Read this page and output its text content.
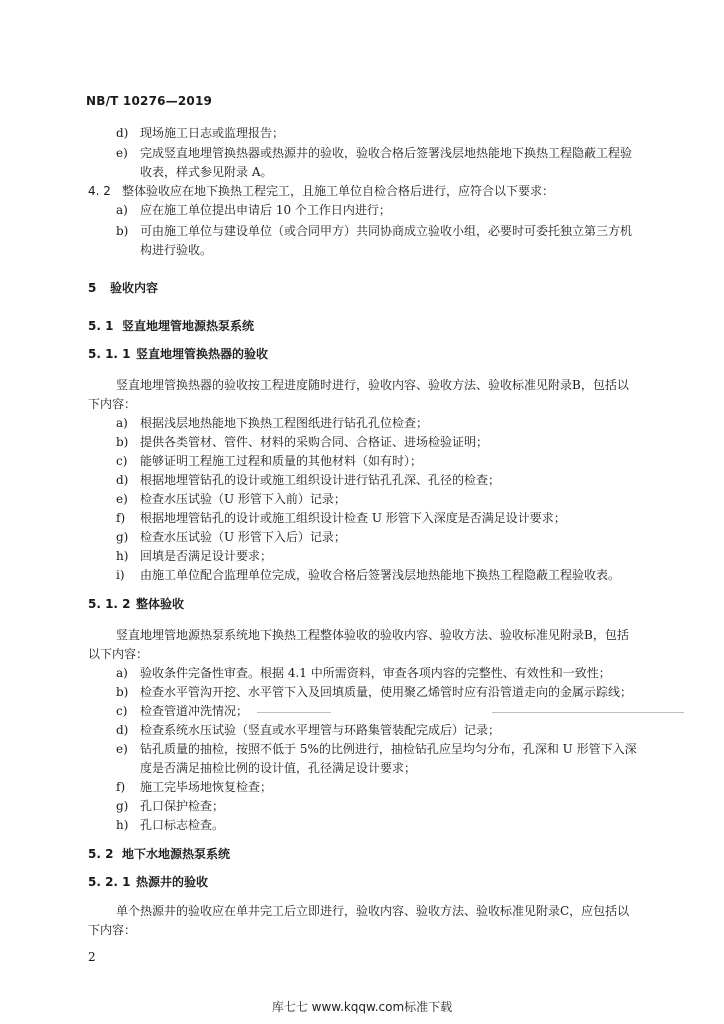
NB/T 10276—2019
d) 现场施工日志或监理报告；
e) 完成竖直地埋管换热器或热源井的验收，验收合格后签署浅层地热能地下换热工程隐蔽工程验
收表，样式参见附录 A。
4. 2 整体验收应在地下换热工程完工，且施工单位自检合格后进行，应符合以下要求：
a) 应在施工单位提出申请后 10 个工作日内进行；
b) 可由施工单位与建设单位（或合同甲方）共同协商成立验收小组，必要时可委托独立第三方机
构进行验收。
5 验收内容
5. 1 竖直地埋管地源热泵系统
5. 1. 1 竖直地埋管换热器的验收
竖直地埋管换热器的验收按工程进度随时进行，验收内容、验收方法、验收标准见附录B，包括以
下内容：
a) 根据浅层地热能地下换热工程图纸进行钻孔孔位检查；
b) 提供各类管材、管件、材料的采购合同、合格证、进场检验证明；
c) 能够证明工程施工过程和质量的其他材料（如有时）；
d) 根据地埋管钻孔的设计或施工组织设计进行钻孔孔深、孔径的检查；
e) 检查水压试验（U 形管下入前）记录；
f) 根据地埋管钻孔的设计或施工组织设计检查 U 形管下入深度是否满足设计要求；
g) 检查水压试验（U 形管下入后）记录；
h) 回填是否满足设计要求；
i) 由施工单位配合监理单位完成，验收合格后签署浅层地热能地下换热工程隐蔽工程验收表。
5. 1. 2 整体验收
竖直地埋管地源热泵系统地下换热工程整体验收的验收内容、验收方法、验收标准见附录B，包括
以下内容：
a) 验收条件完备性审查。根据 4.1 中所需资料，审查各项内容的完整性、有效性和一致性；
b) 检查水平管沟开挖、水平管下入及回填质量，使用聚乙烯管时应有沿管道走向的金属示踪线；
c) 检查管道冲洗情况；
d) 检查系统水压试验（竖直或水平埋管与环路集管装配完成后）记录；
e) 钻孔质量的抽检，按照不低于 5%的比例进行，抽检钻孔应呈均匀分布，孔深和 U 形管下入深
度是否满足抽检比例的设计值，孔径满足设计要求；
f) 施工完毕场地恢复检查；
g) 孔口保护检查；
h) 孔口标志检查。
5. 2 地下水地源热泵系统
5. 2. 1 热源井的验收
单个热源井的验收应在单井完工后立即进行，验收内容、验收方法、验收标准见附录C，应包括以
下内容：
2
库七七 www.kqqw.com标准下载
